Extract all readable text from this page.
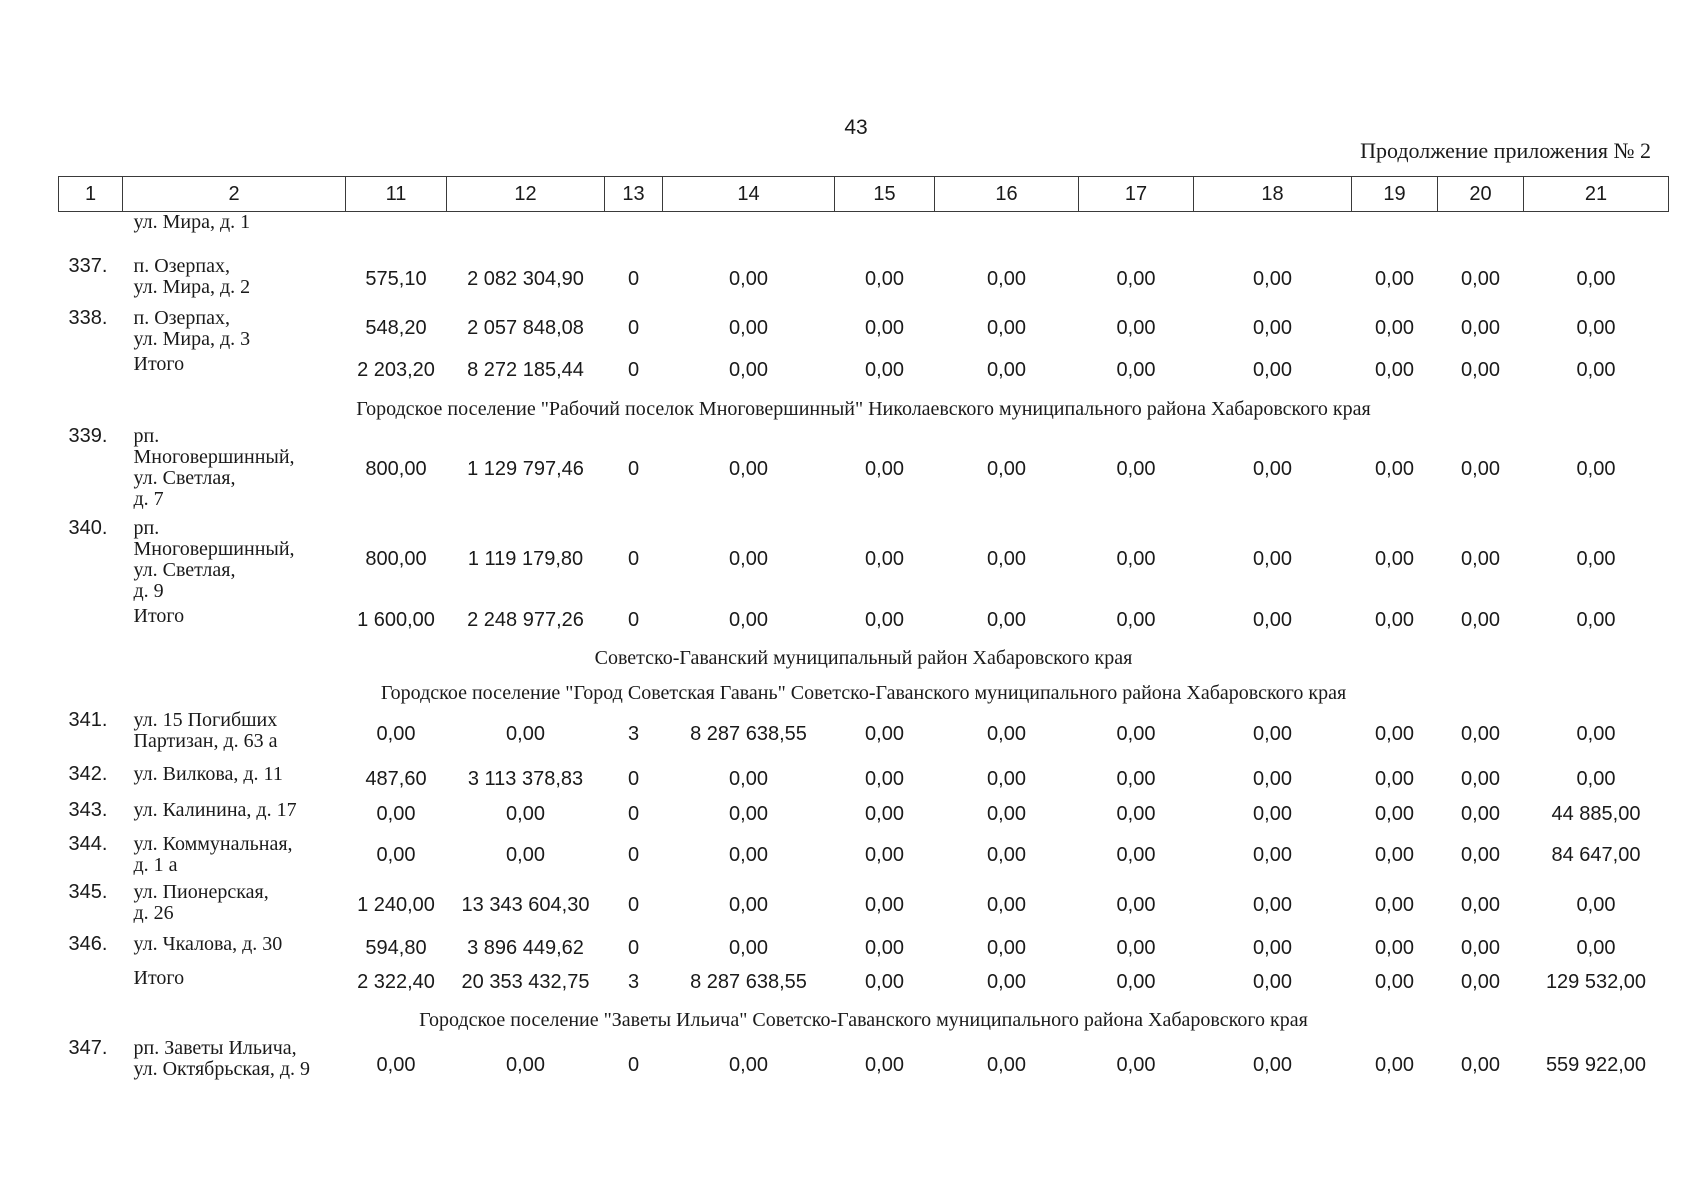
43
Продолжение приложения № 2
1	2	11	12	13	14	15	16	17	18	19	20	21
	ул. Мира, д. 1											
337.	п. Озерпах,
ул. Мира, д. 2	575,10	2 082 304,90	0	0,00	0,00	0,00	0,00	0,00	0,00	0,00	0,00
338.	п. Озерпах,
ул. Мира, д. 3	548,20	2 057 848,08	0	0,00	0,00	0,00	0,00	0,00	0,00	0,00	0,00

	Итого	2 203,20	8 272 185,44	0	0,00	0,00	0,00	0,00	0,00	0,00	0,00	0,00
Городское поселение "Рабочий поселок Многовершинный" Николаевского муниципального района Хабаровского края												
339.	рп.
Многовершинный,
ул. Светлая,
д. 7	800,00	1 129 797,46	0	0,00	0,00	0,00	0,00	0,00	0,00	0,00	0,00
340.	рп.
Многовершинный,
ул. Светлая,
д. 9	800,00	1 119 179,80	0	0,00	0,00	0,00	0,00	0,00	0,00	0,00	0,00

	Итого	1 600,00	2 248 977,26	0	0,00	0,00	0,00	0,00	0,00	0,00	0,00	0,00
Советско-Гаванский муниципальный район Хабаровского края												
Городское поселение "Город Советская Гавань" Советско-Гаванского муниципального района Хабаровского края												
341.	ул. 15 Погибших
Партизан, д. 63 а	0,00	0,00	3	8 287 638,55	0,00	0,00	0,00	0,00	0,00	0,00	0,00
342.	ул. Вилкова, д. 11	487,60	3 113 378,83	0	0,00	0,00	0,00	0,00	0,00	0,00	0,00	0,00
343.	ул. Калинина, д. 17	0,00	0,00	0	0,00	0,00	0,00	0,00	0,00	0,00	0,00	44 885,00
344.	ул. Коммунальная,
д. 1 а	0,00	0,00	0	0,00	0,00	0,00	0,00	0,00	0,00	0,00	84 647,00
345.	ул. Пионерская,
д. 26	1 240,00	13 343 604,30	0	0,00	0,00	0,00	0,00	0,00	0,00	0,00	0,00
346.	ул. Чкалова, д. 30	594,80	3 896 449,62	0	0,00	0,00	0,00	0,00	0,00	0,00	0,00	0,00

	Итого	2 322,40	20 353 432,75	3	8 287 638,55	0,00	0,00	0,00	0,00	0,00	0,00	129 532,00
Городское поселение "Заветы Ильича" Советско-Гаванского муниципального района Хабаровского края												
347.	рп. Заветы Ильича,
ул. Октябрьская, д. 9	0,00	0,00	0	0,00	0,00	0,00	0,00	0,00	0,00	0,00	559 922,00
